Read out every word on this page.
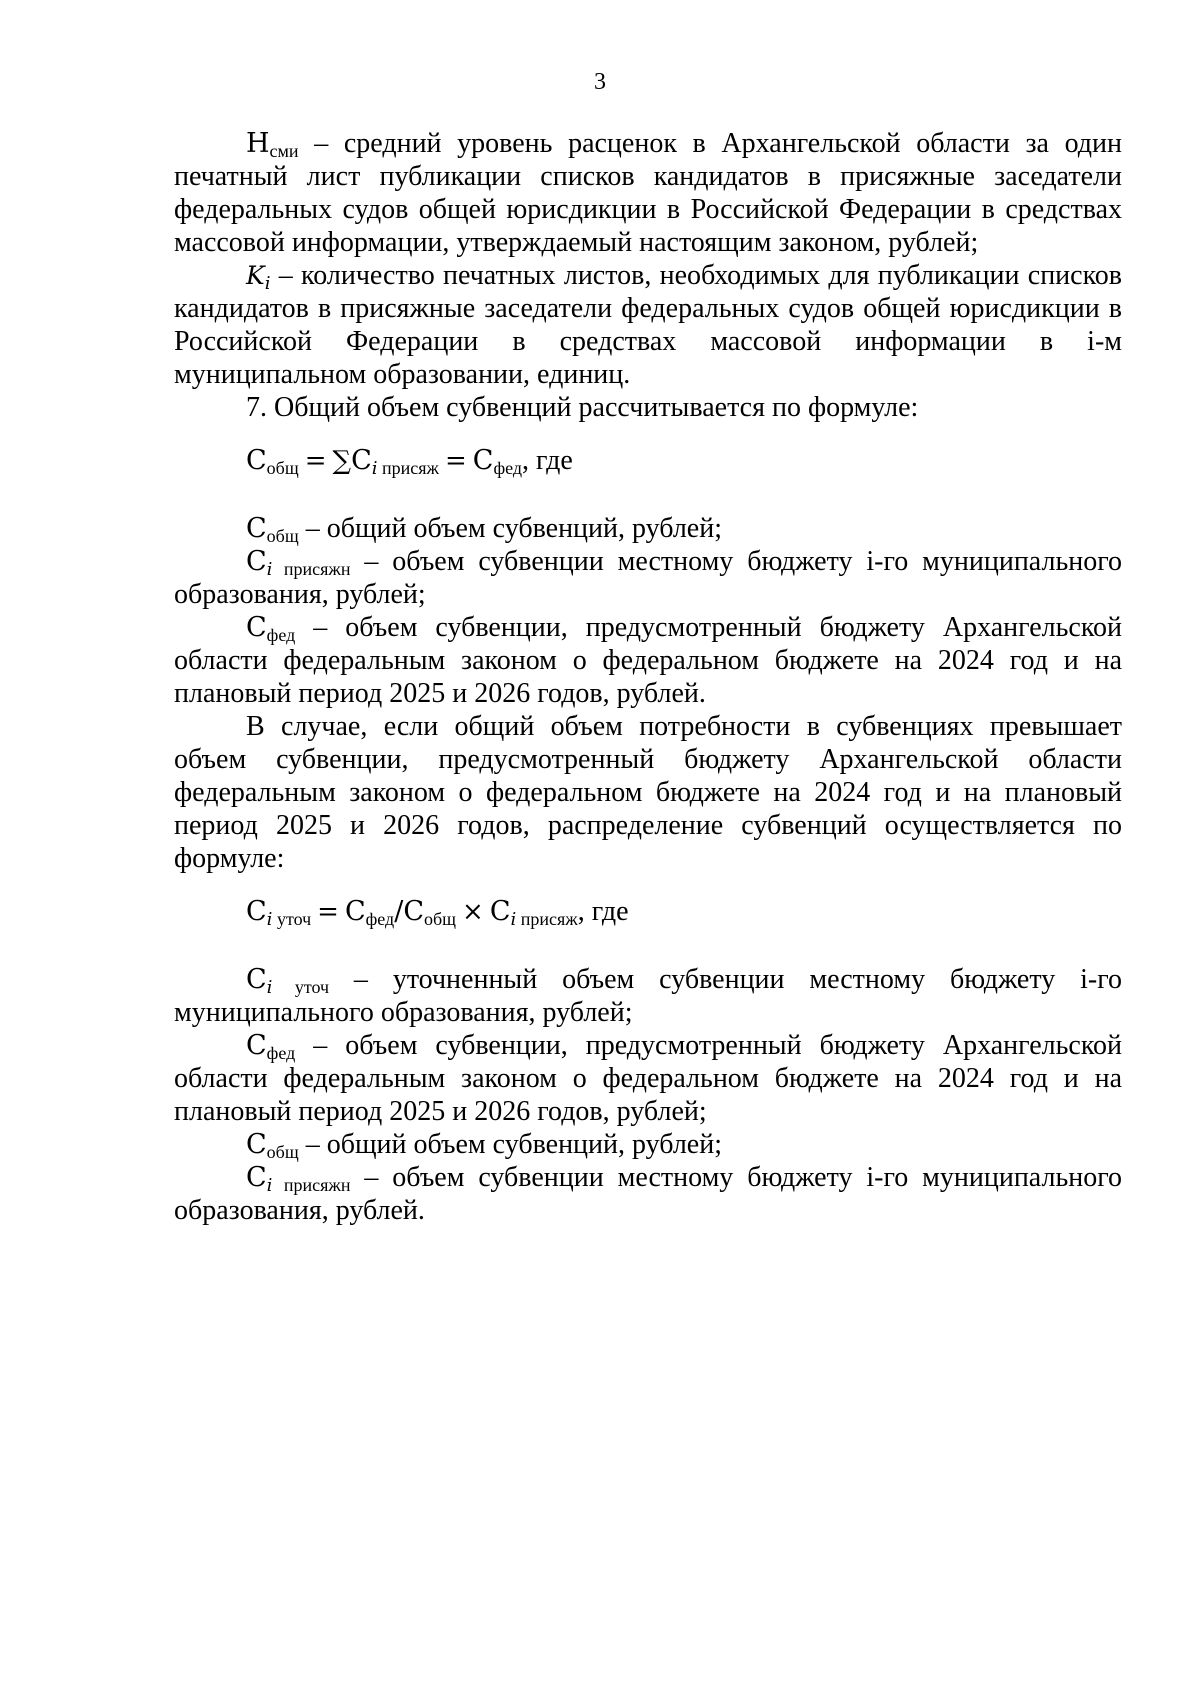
3

$Н_{сми}$ – средний уровень расценок в Архангельской области за один печатный лист публикации списков кандидатов в присяжные заседатели федеральных судов общей юрисдикции в Российской Федерации в средствах массовой информации, утверждаемый настоящим законом, рублей;

$K_i$ – количество печатных листов, необходимых для публикации списков кандидатов в присяжные заседатели федеральных судов общей юрисдикции в Российской Федерации в средствах массовой информации в i-м муниципальном образовании, единиц.

7. Общий объем субвенций рассчитывается по формуле:

$С_{общ} = \sum С_{i присяж} = С_{фед}$, где

$С_{общ}$ – общий объем субвенций, рублей;

$С_{i присяжн}$ – объем субвенции местному бюджету i-го муниципального образования, рублей;

$С_{фед}$ – объем субвенции, предусмотренный бюджету Архангельской области федеральным законом о федеральном бюджете на 2024 год и на плановый период 2025 и 2026 годов, рублей.

В случае, если общий объем потребности в субвенциях превышает объем субвенции, предусмотренный бюджету Архангельской области федеральным законом о федеральном бюджете на 2024 год и на плановый период 2025 и 2026 годов, распределение субвенций осуществляется по формуле:

$С_{i уточ} = С_{фед}/С_{общ} \times С_{i присяж}$, где

$С_{i уточ}$ – уточненный объем субвенции местному бюджету i-го муниципального образования, рублей;

$С_{фед}$ – объем субвенции, предусмотренный бюджету Архангельской области федеральным законом о федеральном бюджете на 2024 год и на плановый период 2025 и 2026 годов, рублей;

$С_{общ}$ – общий объем субвенций, рублей;

$С_{i присяжн}$ – объем субвенции местному бюджету i-го муниципального образования, рублей.
